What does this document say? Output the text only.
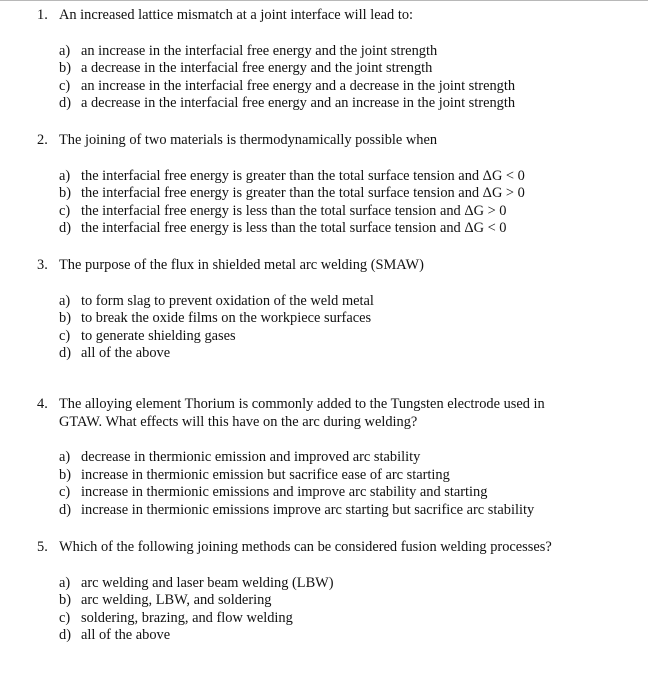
1. An increased lattice mismatch at a joint interface will lead to:
a) an increase in the interfacial free energy and the joint strength
b) a decrease in the interfacial free energy and the joint strength
c) an increase in the interfacial free energy and a decrease in the joint strength
d) a decrease in the interfacial free energy and an increase in the joint strength
2. The joining of two materials is thermodynamically possible when
a) the interfacial free energy is greater than the total surface tension and ΔG < 0
b) the interfacial free energy is greater than the total surface tension and ΔG > 0
c) the interfacial free energy is less than the total surface tension and ΔG > 0
d) the interfacial free energy is less than the total surface tension and ΔG < 0
3. The purpose of the flux in shielded metal arc welding (SMAW)
a) to form slag to prevent oxidation of the weld metal
b) to break the oxide films on the workpiece surfaces
c) to generate shielding gases
d) all of the above
4. The alloying element Thorium is commonly added to the Tungsten electrode used in GTAW. What effects will this have on the arc during welding?
a) decrease in thermionic emission and improved arc stability
b) increase in thermionic emission but sacrifice ease of arc starting
c) increase in thermionic emissions and improve arc stability and starting
d) increase in thermionic emissions improve arc starting but sacrifice arc stability
5. Which of the following joining methods can be considered fusion welding processes?
a) arc welding and laser beam welding (LBW)
b) arc welding, LBW, and soldering
c) soldering, brazing, and flow welding
d) all of the above
